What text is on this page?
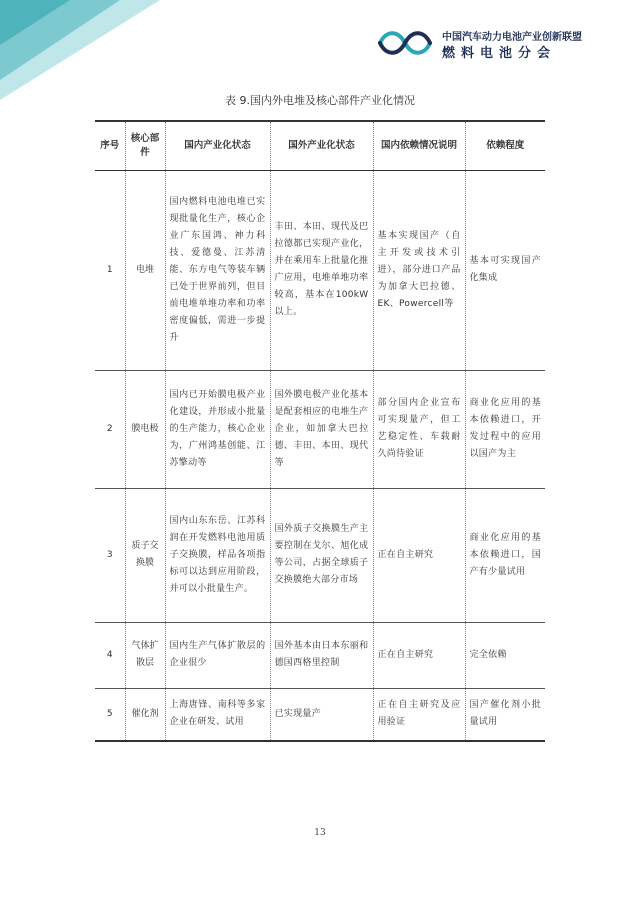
中国汽车动力电池产业创新联盟
燃料电池分会
表 9.国内外电堆及核心部件产业化情况
序号	核心部件	国内产业化状态	国外产业化状态	国内依赖情况说明	依赖程度
1	电堆	国内燃料电池电堆已实现批量化生产，核心企业广东国鸿、神力科技、爱德曼、江苏清能、东方电气等装车辆已处于世界前列，但目前电堆单堆功率和功率密度偏低，需进一步提升	丰田、本田、现代及巴拉德都已实现产业化，并在乘用车上批量化推广应用，电堆单堆功率较高，基本在100kW以上。	基本实现国产（自主开发或技术引进），部分进口产品为加拿大巴拉德、EK、Powercell等	基本可实现国产化集成
2	膜电极	国内已开始膜电极产业化建设，并形成小批量的生产能力，核心企业为，广州鸿基创能、江苏擎动等	国外膜电极产业化基本是配套相应的电堆生产企业，如加拿大巴拉德、丰田、本田、现代等	部分国内企业宣布可实现量产，但工艺稳定性、车载耐久尚待验证	商业化应用的基本依赖进口，开发过程中的应用以国产为主
3	质子交换膜	国内山东东岳、江苏科润在开发燃料电池用质子交换膜，样品各项指标可以达到应用阶段，并可以小批量生产。	国外质子交换膜生产主要控制在戈尔、旭化成等公司，占据全球质子交换膜绝大部分市场	正在自主研究	商业化应用的基本依赖进口，国产有少量试用
4	气体扩散层	国内生产气体扩散层的企业很少	国外基本由日本东丽和德国西格里控制	正在自主研究	完全依赖
5	催化剂	上海唐锋、南科等多家企业在研发、试用	已实现量产	正在自主研究及应用验证	国产催化剂小批量试用
13
